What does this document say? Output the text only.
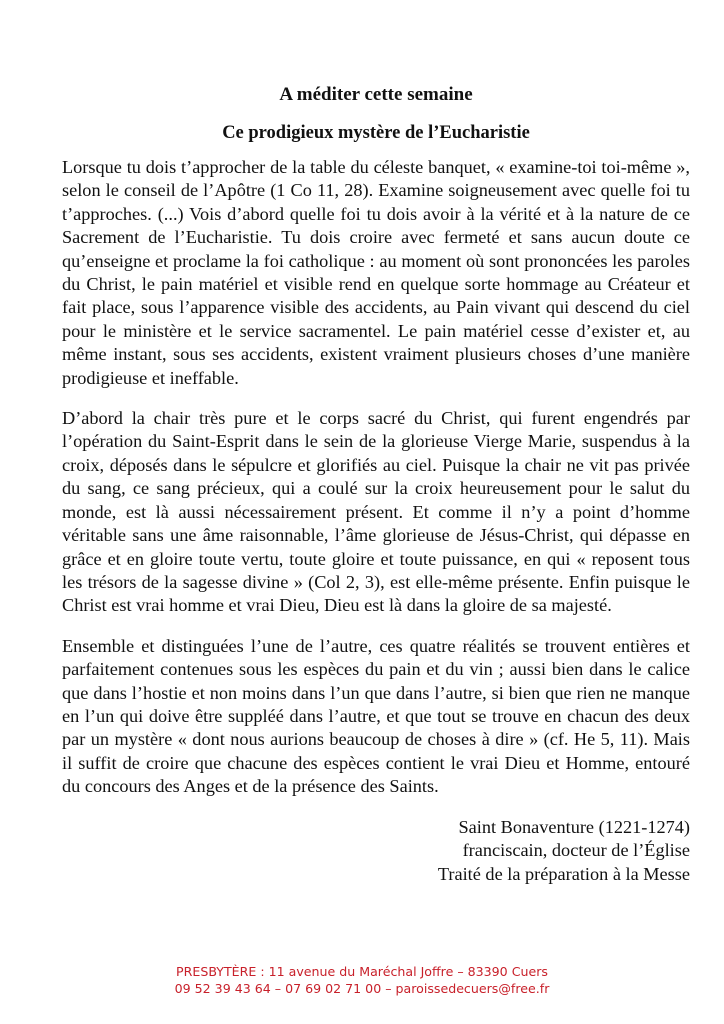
A méditer cette semaine
Ce prodigieux mystère de l’Eucharistie

Lorsque tu dois t’approcher de la table du céleste banquet, « examine-toi toi-même », selon le conseil de l’Apôtre (1 Co 11, 28). Examine soigneusement avec quelle foi tu t’approches. (...) Vois d’abord quelle foi tu dois avoir à la vérité et à la nature de ce Sacrement de l’Eucharistie. Tu dois croire avec fermeté et sans aucun doute ce qu’enseigne et proclame la foi catholique : au moment où sont prononcées les paroles du Christ, le pain matériel et visible rend en quelque sorte hommage au Créateur et fait place, sous l’apparence visible des accidents, au Pain vivant qui descend du ciel pour le ministère et le service sacramentel. Le pain matériel cesse d’exister et, au même instant, sous ses accidents, existent vraiment plusieurs choses d’une manière prodigieuse et ineffable.

D’abord la chair très pure et le corps sacré du Christ, qui furent engendrés par l’opération du Saint-Esprit dans le sein de la glorieuse Vierge Marie, suspendus à la croix, déposés dans le sépulcre et glorifiés au ciel. Puisque la chair ne vit pas privée du sang, ce sang précieux, qui a coulé sur la croix heureusement pour le salut du monde, est là aussi nécessairement présent. Et comme il n’y a point d’homme véritable sans une âme raisonnable, l’âme glorieuse de Jésus-Christ, qui dépasse en grâce et en gloire toute vertu, toute gloire et toute puissance, en qui « reposent tous les trésors de la sagesse divine » (Col 2, 3), est elle-même présente. Enfin puisque le Christ est vrai homme et vrai Dieu, Dieu est là dans la gloire de sa majesté.

Ensemble et distinguées l’une de l’autre, ces quatre réalités se trouvent entières et parfaitement contenues sous les espèces du pain et du vin ; aussi bien dans le calice que dans l’hostie et non moins dans l’un que dans l’autre, si bien que rien ne manque en l’un qui doive être suppléé dans l’autre, et que tout se trouve en chacun des deux par un mystère « dont nous aurions beaucoup de choses à dire » (cf. He 5, 11). Mais il suffit de croire que chacune des espèces contient le vrai Dieu et Homme, entouré du concours des Anges et de la présence des Saints.

Saint Bonaventure (1221-1274)
franciscain, docteur de l’Église
Traité de la préparation à la Messe
PRESBYTÈRE : 11 avenue du Maréchal Joffre – 83390 Cuers
09 52 39 43 64 – 07 69 02 71 00 – paroissedecuers@free.fr
